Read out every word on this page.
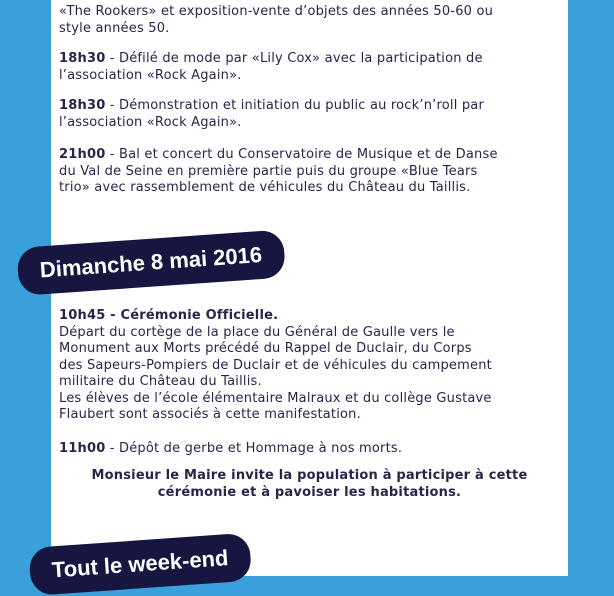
«The Rookers» et exposition-vente d’objets des années 50-60 ou
style années 50.
18h30 - Défilé de mode par «Lily Cox» avec la participation de
l’association «Rock Again».
18h30 - Démonstration et initiation du public au rock’n’roll par
l’association «Rock Again».
21h00 - Bal et concert du Conservatoire de Musique et de Danse
du Val de Seine en première partie puis du groupe «Blue Tears
trio» avec rassemblement de véhicules du Château du Taillis.
Dimanche 8 mai 2016
10h45 - Cérémonie Officielle.
Départ du cortège de la place du Général de Gaulle vers le
Monument aux Morts précédé du Rappel de Duclair, du Corps
des Sapeurs-Pompiers de Duclair et de véhicules du campement
militaire du Château du Taillis.
Les élèves de l’école élémentaire Malraux et du collège Gustave
Flaubert sont associés à cette manifestation.
11h00 - Dépôt de gerbe et Hommage à nos morts.
Monsieur le Maire invite la population à participer à cette
cérémonie et à pavoiser les habitations.
Tout le week-end
